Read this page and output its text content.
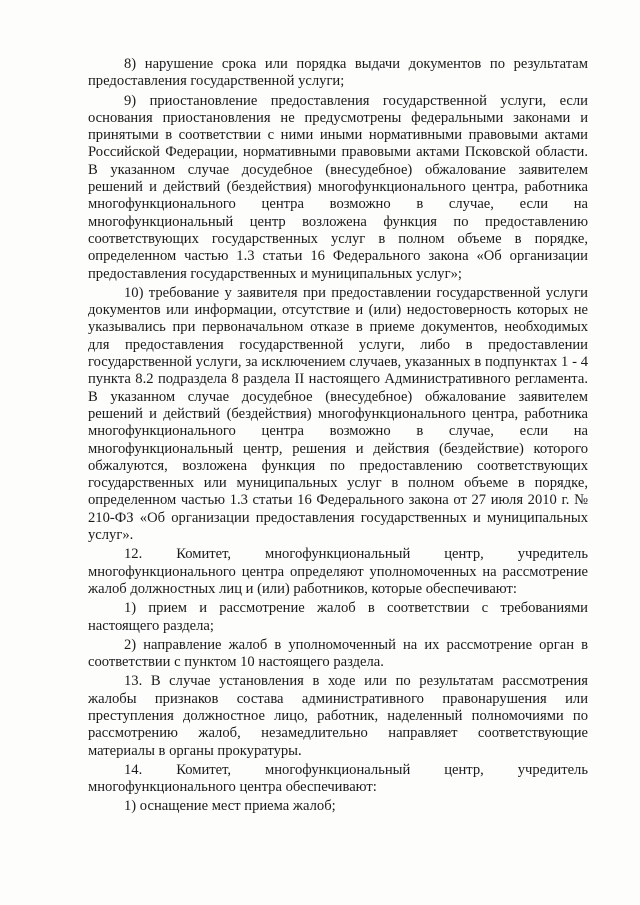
8) нарушение срока или порядка выдачи документов по результатам предоставления государственной услуги;

9) приостановление предоставления государственной услуги, если основания приостановления не предусмотрены федеральными законами и принятыми в соответствии с ними иными нормативными правовыми актами Российской Федерации, нормативными правовыми актами Псковской области. В указанном случае досудебное (внесудебное) обжалование заявителем решений и действий (бездействия) многофункционального центра, работника многофункционального центра возможно в случае, если на многофункциональный центр возложена функция по предоставлению соответствующих государственных услуг в полном объеме в порядке, определенном частью 1.3 статьи 16 Федерального закона «Об организации предоставления государственных и муниципальных услуг»;

10) требование у заявителя при предоставлении государственной услуги документов или информации, отсутствие и (или) недостоверность которых не указывались при первоначальном отказе в приеме документов, необходимых для предоставления государственной услуги, либо в предоставлении государственной услуги, за исключением случаев, указанных в подпунктах 1 - 4 пункта 8.2 подраздела 8 раздела II настоящего Административного регламента. В указанном случае досудебное (внесудебное) обжалование заявителем решений и действий (бездействия) многофункционального центра, работника многофункционального центра возможно в случае, если на многофункциональный центр, решения и действия (бездействие) которого обжалуются, возложена функция по предоставлению соответствующих государственных или муниципальных услуг в полном объеме в порядке, определенном частью 1.3 статьи 16 Федерального закона от 27 июля 2010 г. № 210-ФЗ «Об организации предоставления государственных и муниципальных услуг».

12. Комитет, многофункциональный центр, учредитель многофункционального центра определяют уполномоченных на рассмотрение жалоб должностных лиц и (или) работников, которые обеспечивают:

1) прием и рассмотрение жалоб в соответствии с требованиями настоящего раздела;

2) направление жалоб в уполномоченный на их рассмотрение орган в соответствии с пунктом 10 настоящего раздела.

13. В случае установления в ходе или по результатам рассмотрения жалобы признаков состава административного правонарушения или преступления должностное лицо, работник, наделенный полномочиями по рассмотрению жалоб, незамедлительно направляет соответствующие материалы в органы прокуратуры.

14. Комитет, многофункциональный центр, учредитель многофункционального центра обеспечивают:

1) оснащение мест приема жалоб;
